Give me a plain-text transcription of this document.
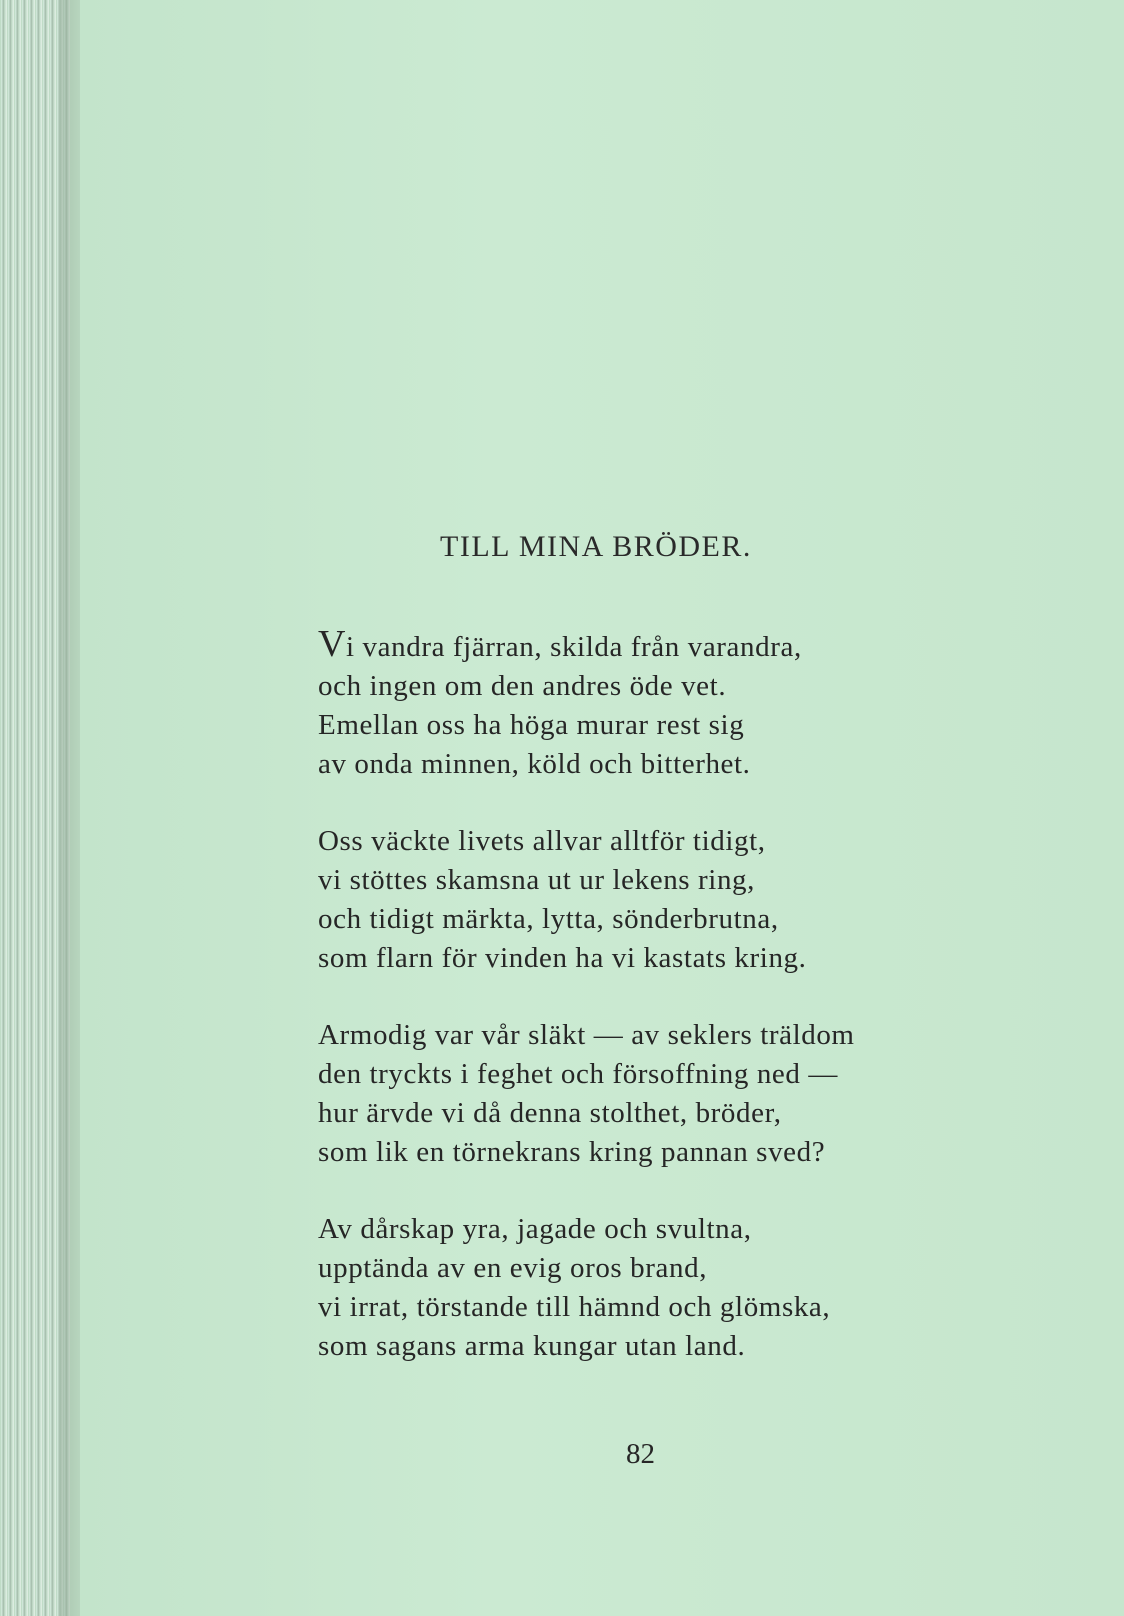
TILL MINA BRÖDER.

Vi vandra fjärran, skilda från varandra,
och ingen om den andres öde vet.
Emellan oss ha höga murar rest sig
av onda minnen, köld och bitterhet.

Oss väckte livets allvar alltför tidigt,
vi stöttes skamsna ut ur lekens ring,
och tidigt märkta, lytta, sönderbrutna,
som flarn för vinden ha vi kastats kring.

Armodig var vår släkt — av seklers träldom
den tryckts i feghet och försoffning ned —
hur ärvde vi då denna stolthet, bröder,
som lik en törnekrans kring pannan sved?

Av dårskap yra, jagade och svultna,
upptända av en evig oros brand,
vi irrat, törstande till hämnd och glömska,
som sagans arma kungar utan land.

82
